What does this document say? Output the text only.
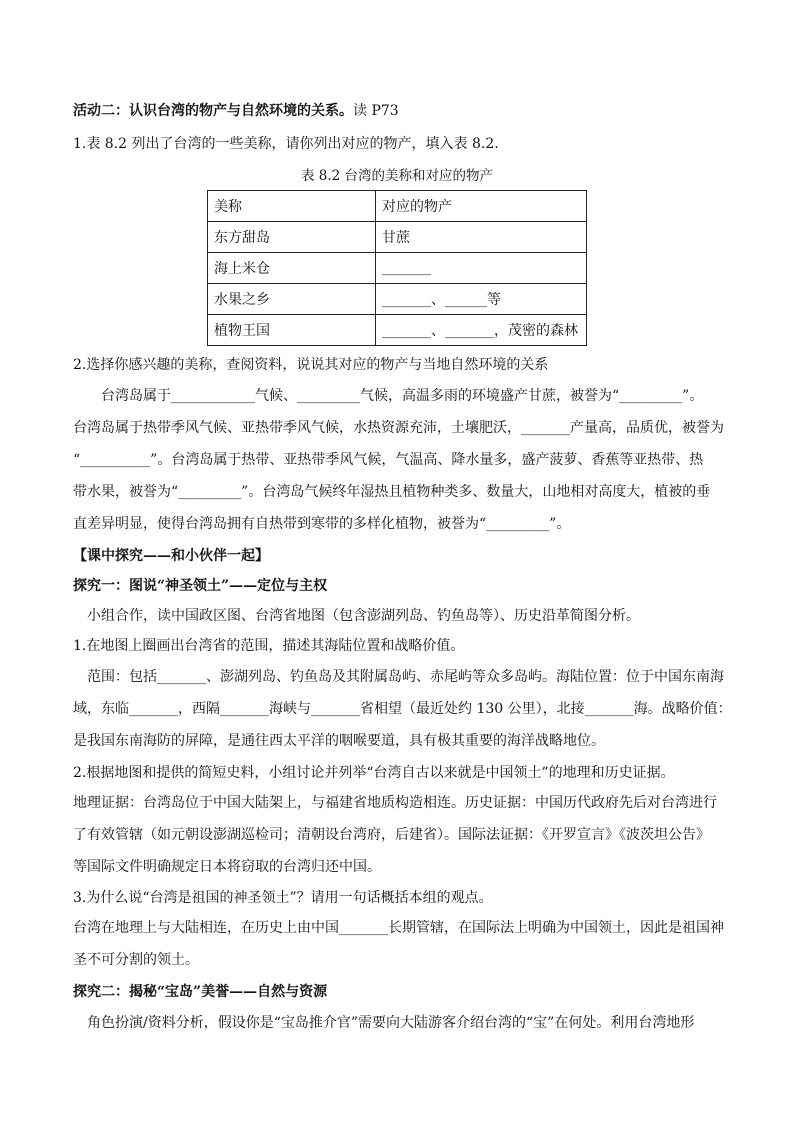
活动二：认识台湾的物产与自然环境的关系。读 P73
1.表 8.2 列出了台湾的一些美称，请你列出对应的物产，填入表 8.2.
表 8.2 台湾的美称和对应的物产
美称	对应的物产
东方甜岛	甘蔗
海上米仓	_______
水果之乡	_______、______等
植物王国	_______、_______，茂密的森林
2.选择你感兴趣的美称，查阅资料，说说其对应的物产与当地自然环境的关系
台湾岛属于____________气候、_________气候，高温多雨的环境盛产甘蔗，被誉为“_________”。
台湾岛属于热带季风气候、亚热带季风气候，水热资源充沛，土壤肥沃，_______产量高，品质优，被誉为
“__________”。台湾岛属于热带、亚热带季风气候，气温高、降水量多，盛产菠萝、香蕉等亚热带、热
带水果，被誉为“_________”。台湾岛气候终年湿热且植物种类多、数量大，山地相对高度大，植被的垂
直差异明显，使得台湾岛拥有自热带到寒带的多样化植物，被誉为“_________”。
【课中探究——和小伙伴一起】
探究一：图说“神圣领土”——定位与主权
小组合作，读中国政区图、台湾省地图（包含澎湖列岛、钓鱼岛等）、历史沿革简图分析。
1.在地图上圈画出台湾省的范围，描述其海陆位置和战略价值。
范围：包括_______、澎湖列岛、钓鱼岛及其附属岛屿、赤尾屿等众多岛屿。海陆位置：位于中国东南海
域，东临_______，西隔_______海峡与_______省相望（最近处约 130 公里），北接_______海。战略价值：
是我国东南海防的屏障，是通往西太平洋的咽喉要道，具有极其重要的海洋战略地位。
2.根据地图和提供的简短史料，小组讨论并列举“台湾自古以来就是中国领土”的地理和历史证据。
地理证据：台湾岛位于中国大陆架上，与福建省地质构造相连。历史证据：中国历代政府先后对台湾进行
了有效管辖（如元朝设澎湖巡检司；清朝设台湾府，后建省）。国际法证据：《开罗宣言》《波茨坦公告》
等国际文件明确规定日本将窃取的台湾归还中国。
3.为什么说“台湾是祖国的神圣领土”？请用一句话概括本组的观点。
台湾在地理上与大陆相连，在历史上由中国_______长期管辖，在国际法上明确为中国领土，因此是祖国神
圣不可分割的领土。
探究二：揭秘“宝岛”美誉——自然与资源
角色扮演/资料分析，假设你是“宝岛推介官”需要向大陆游客介绍台湾的“宝”在何处。利用台湾地形
